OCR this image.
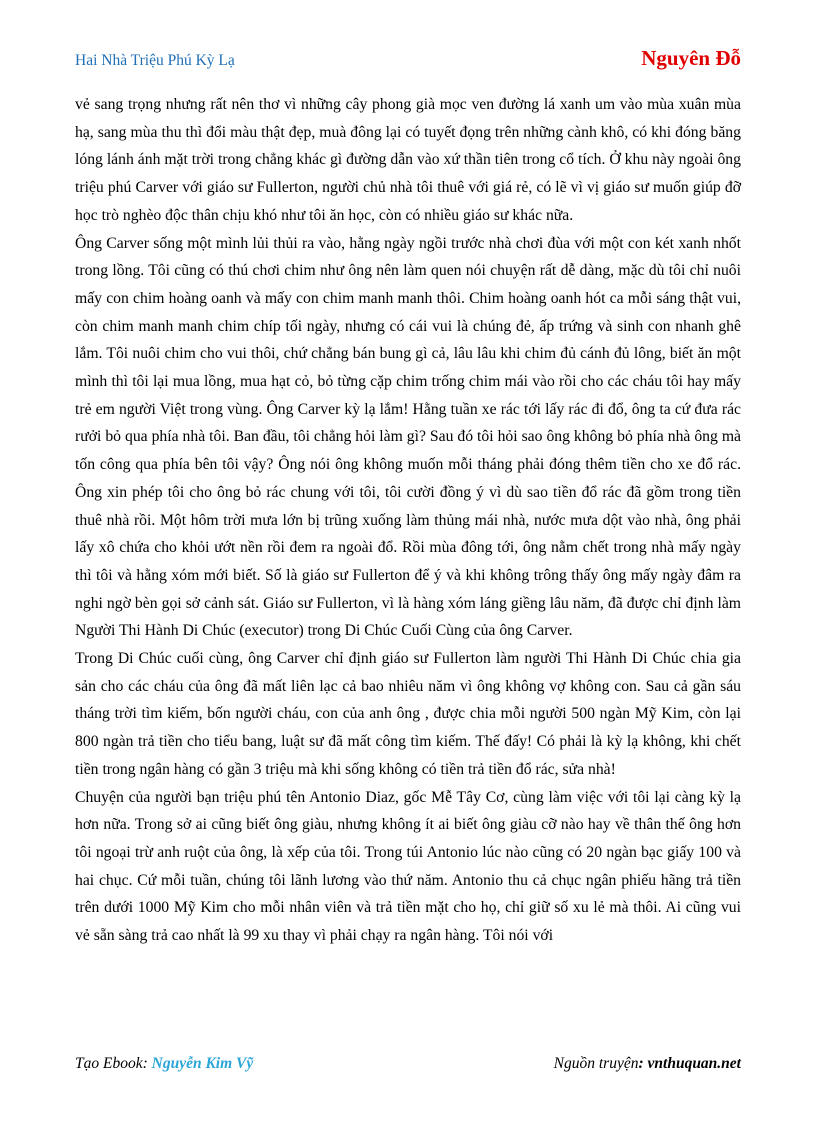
Hai Nhà Triệu Phú Kỳ Lạ	Nguyên Đỗ

vẻ sang trọng nhưng rất nên thơ vì những cây phong già mọc ven đường lá xanh um vào mùa xuân mùa hạ, sang mùa thu thì đổi màu thật đẹp, muà đông lại có tuyết đọng trên những cành khô, có khi đóng băng lóng lánh ánh mặt trời trong chẳng khác gì đường dẫn vào xứ thần tiên trong cổ tích. Ở khu này ngoài ông triệu phú Carver với giáo sư Fullerton, người chủ nhà tôi thuê với giá rẻ, có lẽ vì vị giáo sư muốn giúp đỡ học trò nghèo độc thân chịu khó như tôi ăn học, còn có nhiều giáo sư khác nữa.

Ông Carver sống một mình lủi thủi ra vào, hằng ngày ngồi trước nhà chơi đùa với một con két xanh nhốt trong lồng. Tôi cũng có thú chơi chim như ông nên làm quen nói chuyện rất dễ dàng, mặc dù tôi chỉ nuôi mấy con chim hoàng oanh và mấy con chim manh manh thôi. Chim hoàng oanh hót ca mỗi sáng thật vui, còn chim manh manh chim chíp tối ngày, nhưng có cái vui là chúng đẻ, ấp trứng và sinh con nhanh ghê lắm. Tôi nuôi chim cho vui thôi, chứ chẳng bán bung gì cả, lâu lâu khi chim đủ cánh đủ lông, biết ăn một mình thì tôi lại mua lồng, mua hạt cỏ, bỏ từng cặp chim trống chim mái vào rồi cho các cháu tôi hay mấy trẻ em người Việt trong vùng. Ông Carver kỳ lạ lắm! Hằng tuần xe rác tới lấy rác đi đổ, ông ta cứ đưa rác rưởi bỏ qua phía nhà tôi. Ban đầu, tôi chẳng hỏi làm gì? Sau đó tôi hỏi sao ông không bỏ phía nhà ông mà tốn công qua phía bên tôi vậy? Ông nói ông không muốn mỗi tháng phải đóng thêm tiền cho xe đổ rác. Ông xin phép tôi cho ông bỏ rác chung với tôi, tôi cười đồng ý vì dù sao tiền đổ rác đã gồm trong tiền thuê nhà rồi. Một hôm trời mưa lớn bị trũng xuống làm thủng mái nhà, nước mưa dột vào nhà, ông phải lấy xô chứa cho khỏi ướt nền rồi đem ra ngoài đổ. Rồi mùa đông tới, ông nằm chết trong nhà mấy ngày thì tôi và hằng xóm mới biết. Số là giáo sư Fullerton để ý và khi không trông thấy ông mấy ngày đâm ra nghi ngờ bèn gọi sở cảnh sát. Giáo sư Fullerton, vì là hàng xóm láng giềng lâu năm, đã được chỉ định làm Người Thi Hành Di Chúc (executor) trong Di Chúc Cuối Cùng của ông Carver.

Trong Di Chúc cuối cùng, ông Carver chỉ định giáo sư Fullerton làm người Thi Hành Di Chúc chia gia sản cho các cháu của ông đã mất liên lạc cả bao nhiêu năm vì ông không vợ không con. Sau cả gần sáu tháng trời tìm kiếm, bốn người cháu, con của anh ông , được chia mỗi người 500 ngàn Mỹ Kim, còn lại 800 ngàn trả tiền cho tiểu bang, luật sư đã mất công tìm kiếm. Thế đấy! Có phải là kỳ lạ không, khi chết tiền trong ngân hàng có gần 3 triệu mà khi sống không có tiền trả tiền đổ rác, sửa nhà!

Chuyện của người bạn triệu phú tên Antonio Diaz, gốc Mễ Tây Cơ, cùng làm việc với tôi lại càng kỳ lạ hơn nữa. Trong sở ai cũng biết ông giàu, nhưng không ít ai biết ông giàu cỡ nào hay về thân thế ông hơn tôi ngoại trừ anh ruột của ông, là xếp của tôi. Trong túi Antonio lúc nào cũng có 20 ngàn bạc giấy 100 và hai chục. Cứ mỗi tuần, chúng tôi lãnh lương vào thứ năm. Antonio thu cả chục ngân phiếu hãng trả tiền trên dưới 1000 Mỹ Kim cho mỗi nhân viên và trả tiền mặt cho họ, chỉ giữ số xu lẻ mà thôi. Ai cũng vui vẻ sẵn sàng trả cao nhất là 99 xu thay vì phải chạy ra ngân hàng. Tôi nói với

Tạo Ebook: Nguyễn Kim Vỹ	Nguồn truyện: vnthuquan.net
